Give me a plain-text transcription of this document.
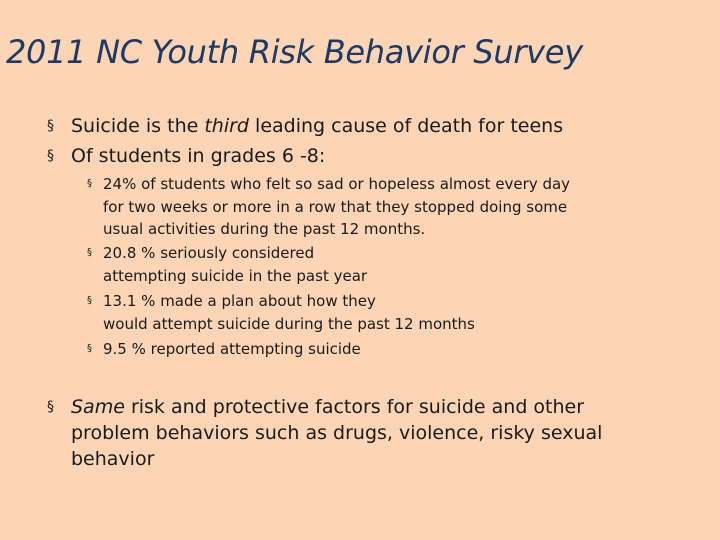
2011 NC Youth Risk Behavior Survey
§ Suicide is the third leading cause of death for teens
§ Of students in grades 6 -8:
§ 24% of students who felt so sad or hopeless almost every day
for two weeks or more in a row that they stopped doing some
usual activities during the past 12 months.
§ 20.8 % seriously considered
attempting suicide in the past year
§ 13.1 % made a plan about how they
would attempt suicide during the past 12 months
§ 9.5 % reported attempting suicide
§ Same risk and protective factors for suicide and other
problem behaviors such as drugs, violence, risky sexual
behavior
